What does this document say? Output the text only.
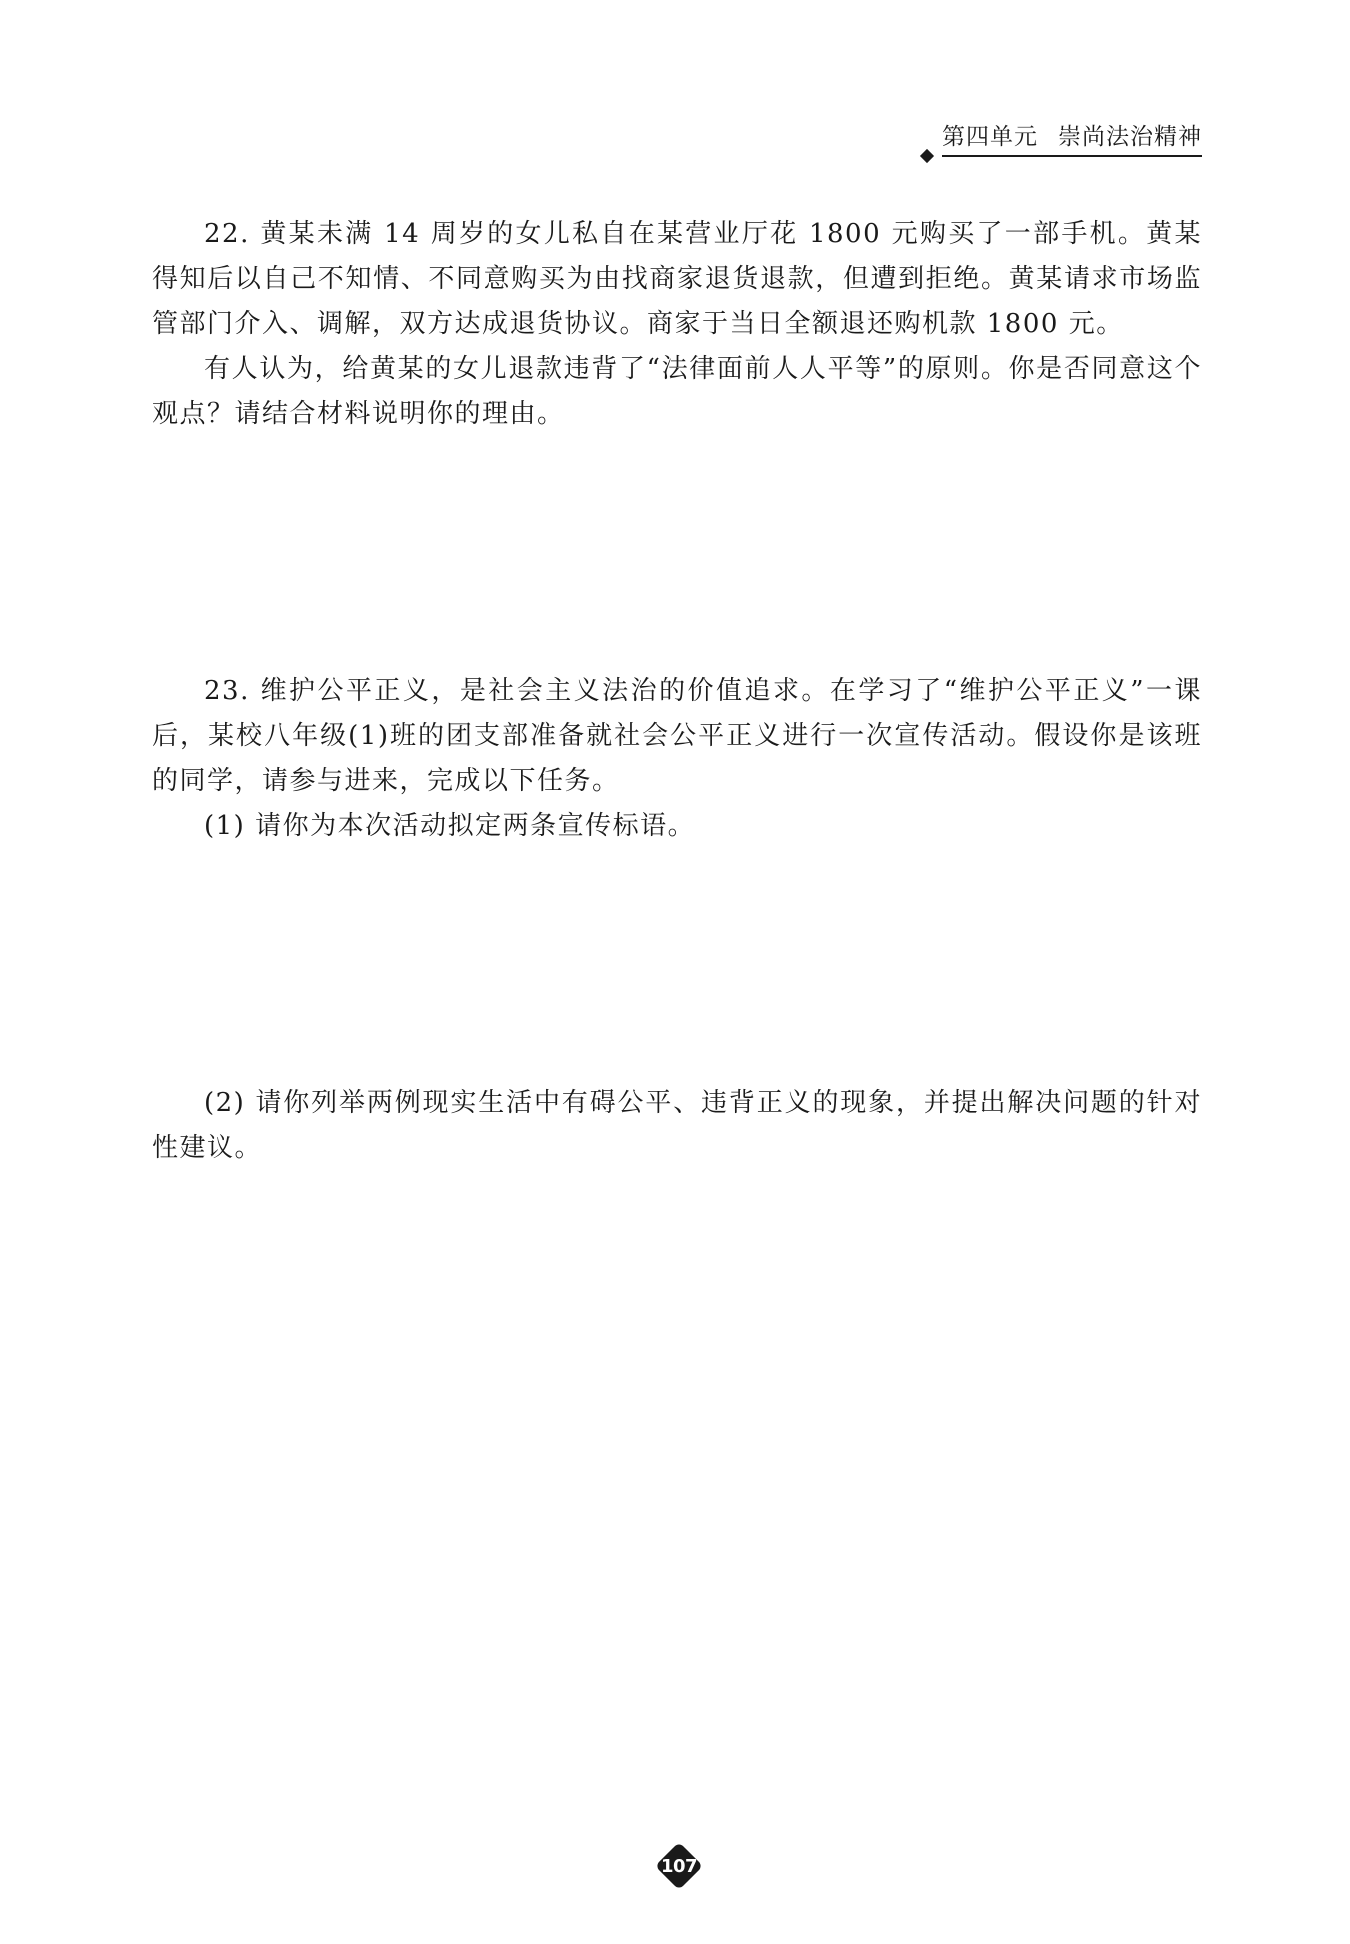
第四单元 崇尚法治精神

22. 黄某未满 14 周岁的女儿私自在某营业厅花 1800 元购买了一部手机。黄某得知后以自己不知情、不同意购买为由找商家退货退款，但遭到拒绝。黄某请求市场监管部门介入、调解，双方达成退货协议。商家于当日全额退还购机款 1800 元。

有人认为，给黄某的女儿退款违背了“法律面前人人平等”的原则。你是否同意这个观点？请结合材料说明你的理由。

23. 维护公平正义，是社会主义法治的价值追求。在学习了“维护公平正义”一课后，某校八年级(1)班的团支部准备就社会公平正义进行一次宣传活动。假设你是该班的同学，请参与进来，完成以下任务。

(1) 请你为本次活动拟定两条宣传标语。

(2) 请你列举两例现实生活中有碍公平、违背正义的现象，并提出解决问题的针对性建议。

107
